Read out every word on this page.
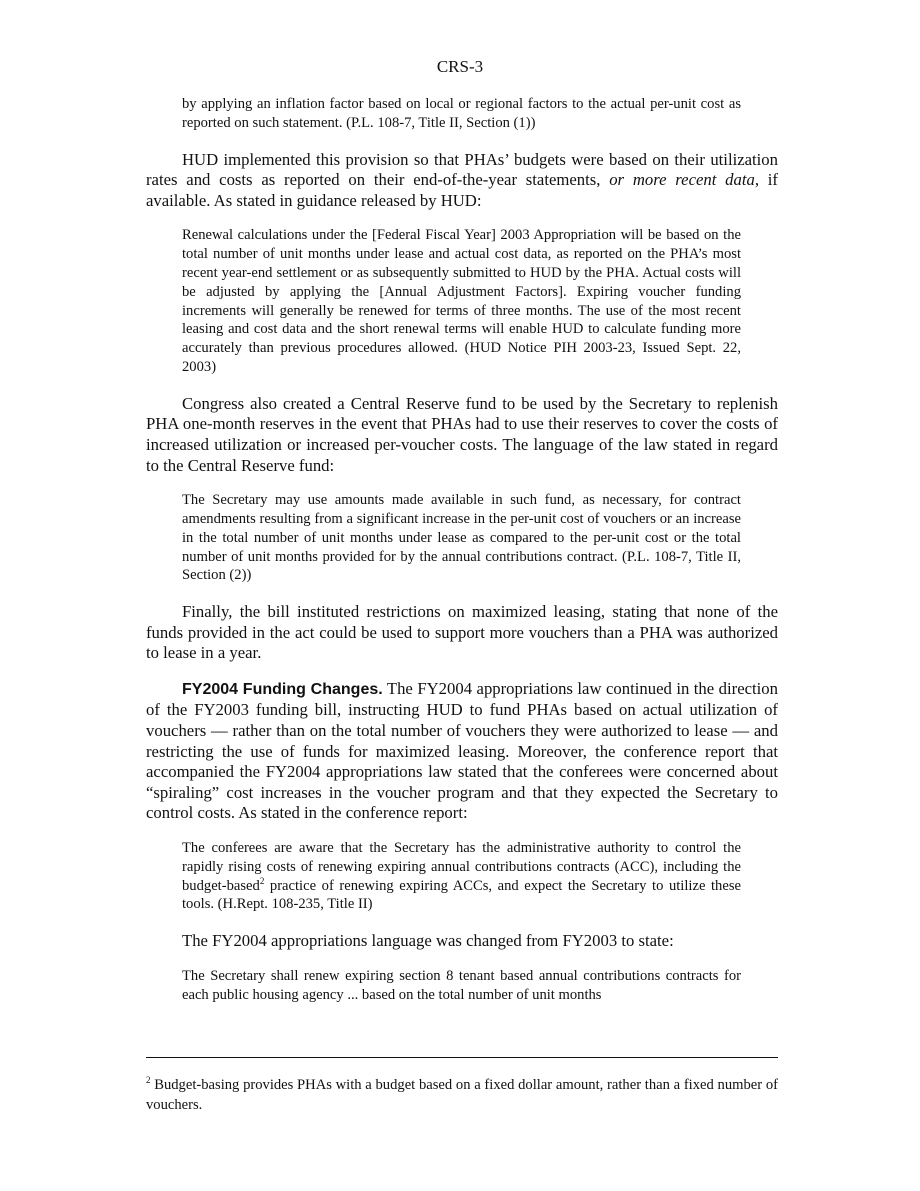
CRS-3

by applying an inflation factor based on local or regional factors to the actual per-unit cost as reported on such statement. (P.L. 108-7, Title II, Section (1))

HUD implemented this provision so that PHAs’ budgets were based on their utilization rates and costs as reported on their end-of-the-year statements, or more recent data, if available. As stated in guidance released by HUD:

Renewal calculations under the [Federal Fiscal Year] 2003 Appropriation will be based on the total number of unit months under lease and actual cost data, as reported on the PHA’s most recent year-end settlement or as subsequently submitted to HUD by the PHA. Actual costs will be adjusted by applying the [Annual Adjustment Factors]. Expiring voucher funding increments will generally be renewed for terms of three months. The use of the most recent leasing and cost data and the short renewal terms will enable HUD to calculate funding more accurately than previous procedures allowed. (HUD Notice PIH 2003-23, Issued Sept. 22, 2003)

Congress also created a Central Reserve fund to be used by the Secretary to replenish PHA one-month reserves in the event that PHAs had to use their reserves to cover the costs of increased utilization or increased per-voucher costs. The language of the law stated in regard to the Central Reserve fund:

The Secretary may use amounts made available in such fund, as necessary, for contract amendments resulting from a significant increase in the per-unit cost of vouchers or an increase in the total number of unit months under lease as compared to the per-unit cost or the total number of unit months provided for by the annual contributions contract. (P.L. 108-7, Title II, Section (2))

Finally, the bill instituted restrictions on maximized leasing, stating that none of the funds provided in the act could be used to support more vouchers than a PHA was authorized to lease in a year.

FY2004 Funding Changes. The FY2004 appropriations law continued in the direction of the FY2003 funding bill, instructing HUD to fund PHAs based on actual utilization of vouchers — rather than on the total number of vouchers they were authorized to lease — and restricting the use of funds for maximized leasing. Moreover, the conference report that accompanied the FY2004 appropriations law stated that the conferees were concerned about “spiraling” cost increases in the voucher program and that they expected the Secretary to control costs. As stated in the conference report:

The conferees are aware that the Secretary has the administrative authority to control the rapidly rising costs of renewing expiring annual contributions contracts (ACC), including the budget-based$^2$ practice of renewing expiring ACCs, and expect the Secretary to utilize these tools. (H.Rept. 108-235, Title II)

The FY2004 appropriations language was changed from FY2003 to state:

The Secretary shall renew expiring section 8 tenant based annual contributions contracts for each public housing agency ... based on the total number of unit months

$^2$ Budget-basing provides PHAs with a budget based on a fixed dollar amount, rather than a fixed number of vouchers.
